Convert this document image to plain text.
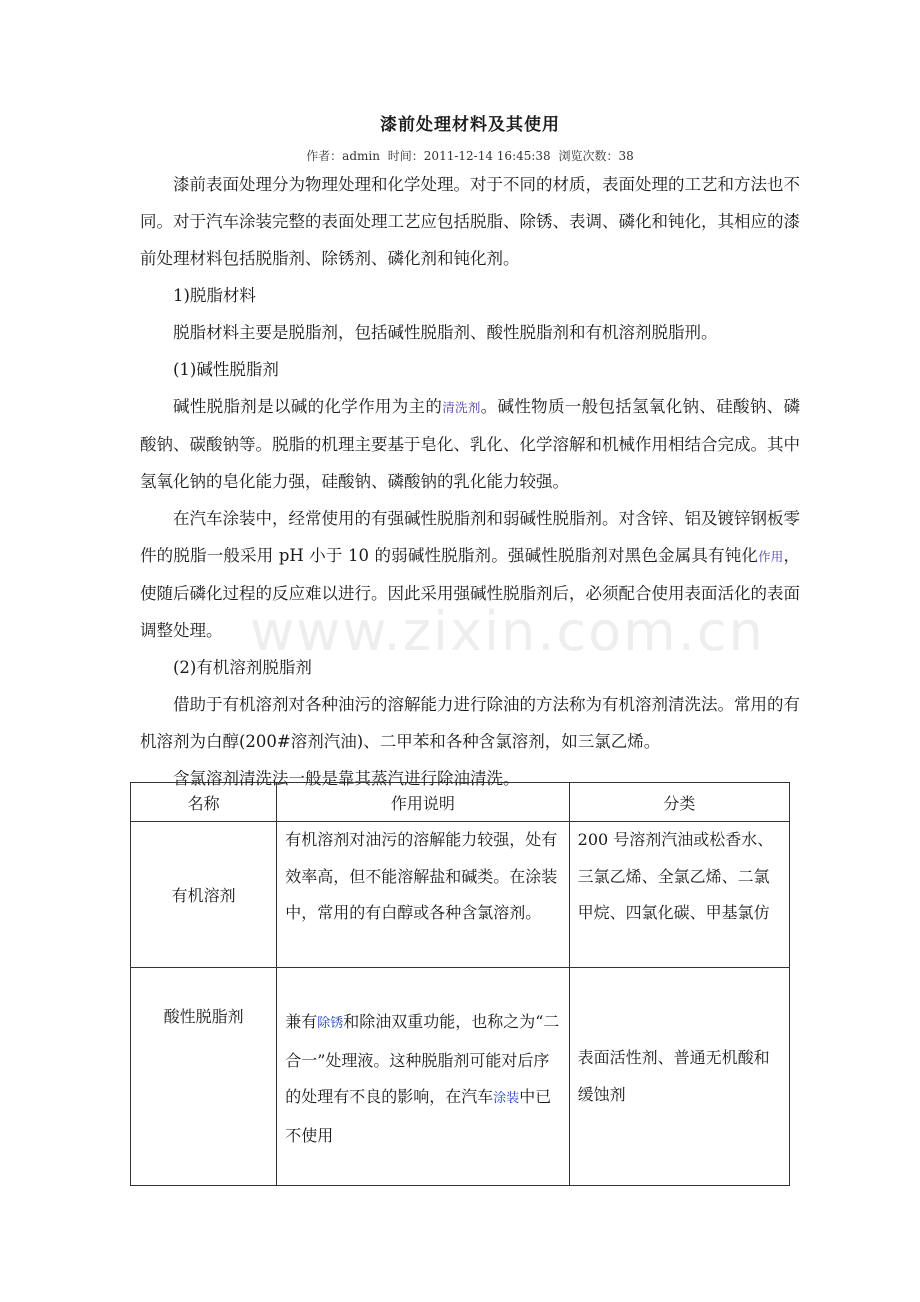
www.zixin.com.cn
漆前处理材料及其使用

作者：admin 时间：2011-12-14 16:45:38 浏览次数：38

漆前表面处理分为物理处理和化学处理。对于不同的材质，表面处理的工艺和方法也不同。对于汽车涂装完整的表面处理工艺应包括脱脂、除锈、表调、磷化和钝化，其相应的漆前处理材料包括脱脂剂、除锈剂、磷化剂和钝化剂。

1)脱脂材料

脱脂材料主要是脱脂剂，包括碱性脱脂剂、酸性脱脂剂和有机溶剂脱脂刑。

(1)碱性脱脂剂

碱性脱脂剂是以碱的化学作用为主的清洗剂。碱性物质一般包括氢氧化钠、硅酸钠、磷酸钠、碳酸钠等。脱脂的机理主要基于皂化、乳化、化学溶解和机械作用相结合完成。其中氢氧化钠的皂化能力强，硅酸钠、磷酸钠的乳化能力较强。

在汽车涂装中，经常使用的有强碱性脱脂剂和弱碱性脱脂剂。对含锌、铝及镀锌钢板零件的脱脂一般采用 pH 小于 10 的弱碱性脱脂剂。强碱性脱脂剂对黑色金属具有钝化作用，使随后磷化过程的反应难以进行。因此采用强碱性脱脂剂后，必须配合使用表面活化的表面调整处理。

(2)有机溶剂脱脂剂

借助于有机溶剂对各种油污的溶解能力进行除油的方法称为有机溶剂清洗法。常用的有机溶剂为白醇(200#溶剂汽油)、二甲苯和各种含氯溶剂，如三氯乙烯。

含氯溶剂清洗法一般是靠其蒸汽进行除油清洗。

名称	作用说明	分类
有机溶剂	有机溶剂对油污的溶解能力较强，处有效率高，但不能溶解盐和碱类。在涂装中，常用的有白醇或各种含氯溶剂。	200 号溶剂汽油或松香水、三氯乙烯、全氯乙烯、二氯甲烷、四氯化碳、甲基氯仿
酸性脱脂剂	兼有除锈和除油双重功能，也称之为“二合一”处理液。这种脱脂剂可能对后序的处理有不良的影响，在汽车涂装中已不使用	表面活性剂、普通无机酸和缓蚀剂
